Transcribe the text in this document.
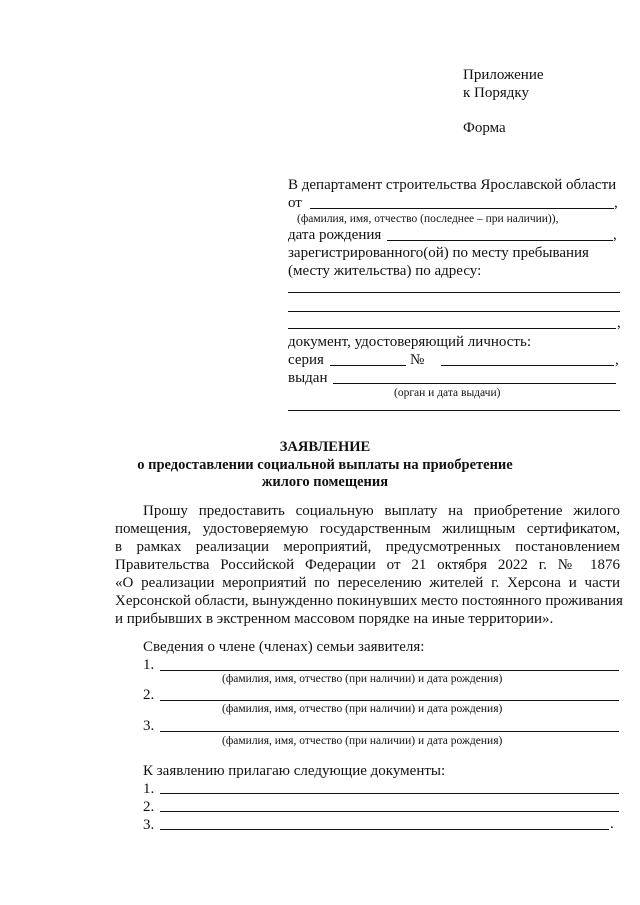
Приложение
к Порядку
Форма
В департамент строительства Ярославской области
от	,
(фамилия, имя, отчество (последнее – при наличии)),
дата рождения	,
зарегистрированного(ой) по месту пребывания
(месту жительства) по адресу:
,
документ, удостоверяющий личность:
серия	№	,
выдан
(орган и дата выдачи)
ЗАЯВЛЕНИЕ
о предоставлении социальной выплаты на приобретение
жилого помещения
Прошу предоставить социальную выплату на приобретение жилого
помещения, удостоверяемую государственным жилищным сертификатом,
в рамках реализации мероприятий, предусмотренных постановлением
Правительства Российской Федерации от 21 октября 2022 г. № 1876
«О реализации мероприятий по переселению жителей г. Херсона и части
Херсонской области, вынужденно покинувших место постоянного проживания
и прибывших в экстренном массовом порядке на иные территории».
Сведения о члене (членах) семьи заявителя:
1.
(фамилия, имя, отчество (при наличии) и дата рождения)
2.
(фамилия, имя, отчество (при наличии) и дата рождения)
3.
(фамилия, имя, отчество (при наличии) и дата рождения)
К заявлению прилагаю следующие документы:
1.
2.
3.	.
